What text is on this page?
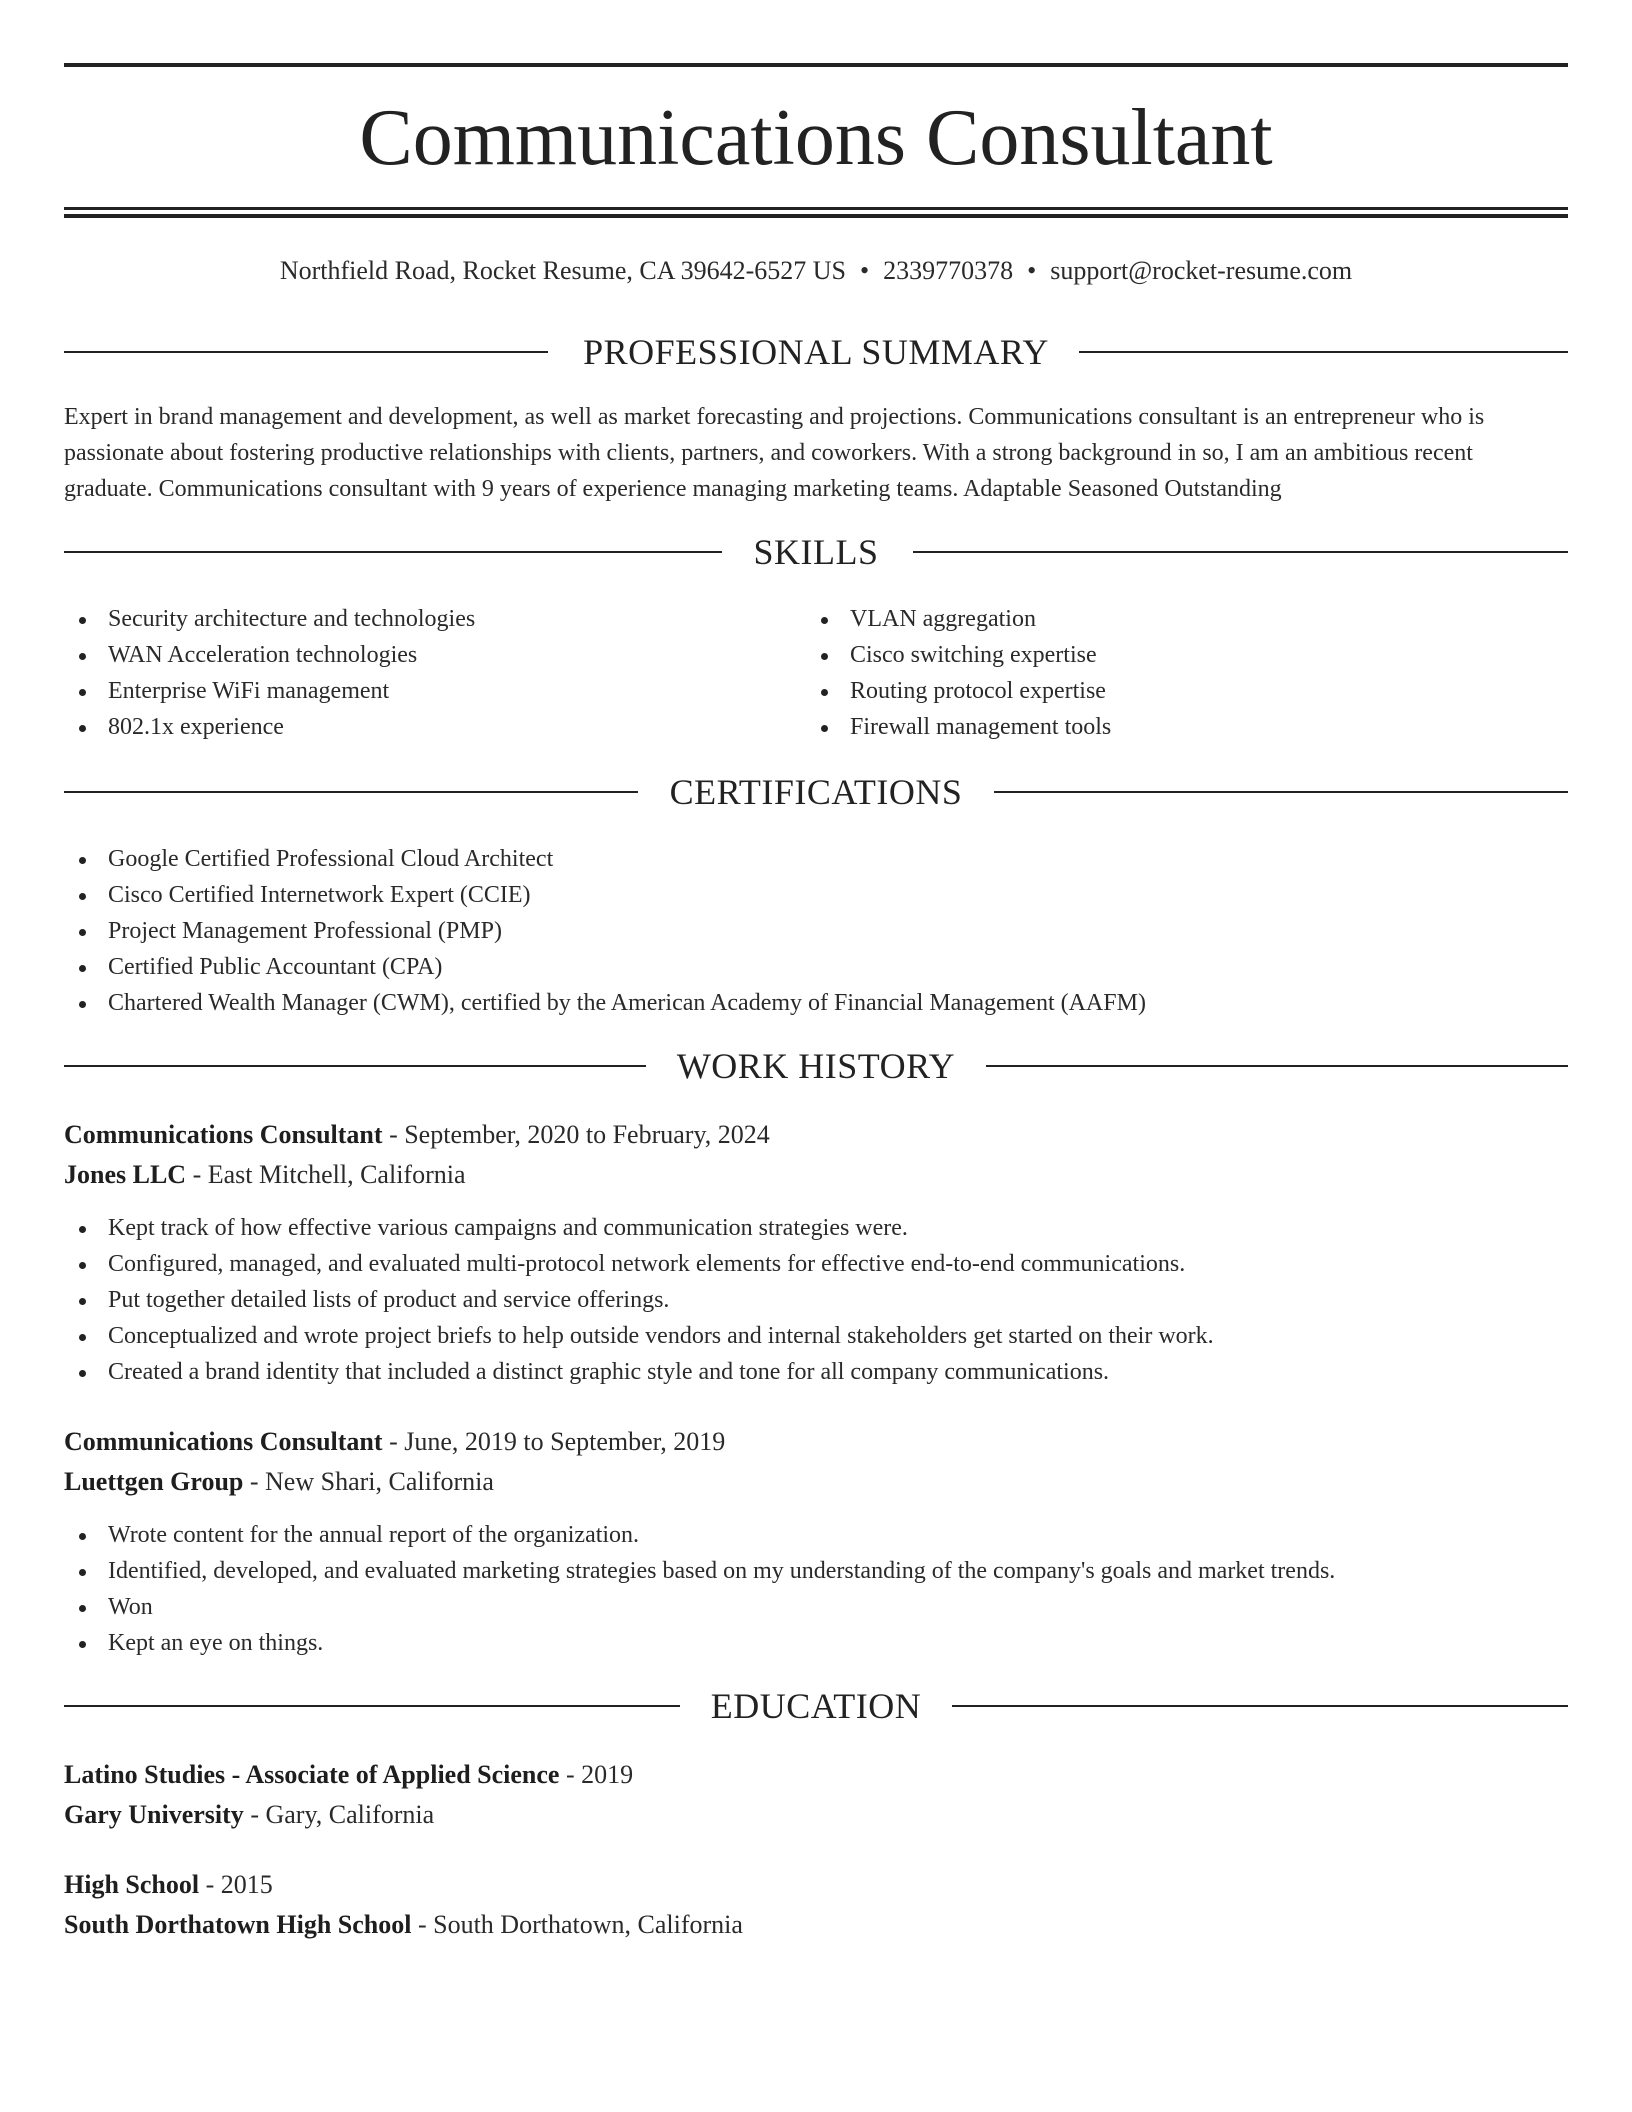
Communications Consultant
Northfield Road, Rocket Resume, CA 39642-6527 US • 2339770378 • support@rocket-resume.com
PROFESSIONAL SUMMARY
Expert in brand management and development, as well as market forecasting and projections. Communications consultant is an entrepreneur who is
passionate about fostering productive relationships with clients, partners, and coworkers. With a strong background in so, I am an ambitious recent
graduate. Communications consultant with 9 years of experience managing marketing teams. Adaptable Seasoned Outstanding
SKILLS
Security architecture and technologies
WAN Acceleration technologies
Enterprise WiFi management
802.1x experience
VLAN aggregation
Cisco switching expertise
Routing protocol expertise
Firewall management tools
CERTIFICATIONS
Google Certified Professional Cloud Architect
Cisco Certified Internetwork Expert (CCIE)
Project Management Professional (PMP)
Certified Public Accountant (CPA)
Chartered Wealth Manager (CWM), certified by the American Academy of Financial Management (AAFM)
WORK HISTORY
Communications Consultant - September, 2020 to February, 2024
Jones LLC - East Mitchell, California
Kept track of how effective various campaigns and communication strategies were.
Configured, managed, and evaluated multi-protocol network elements for effective end-to-end communications.
Put together detailed lists of product and service offerings.
Conceptualized and wrote project briefs to help outside vendors and internal stakeholders get started on their work.
Created a brand identity that included a distinct graphic style and tone for all company communications.
Communications Consultant - June, 2019 to September, 2019
Luettgen Group - New Shari, California
Wrote content for the annual report of the organization.
Identified, developed, and evaluated marketing strategies based on my understanding of the company's goals and market trends.
Won
Kept an eye on things.
EDUCATION
Latino Studies - Associate of Applied Science - 2019
Gary University - Gary, California
High School - 2015
South Dorthatown High School - South Dorthatown, California
